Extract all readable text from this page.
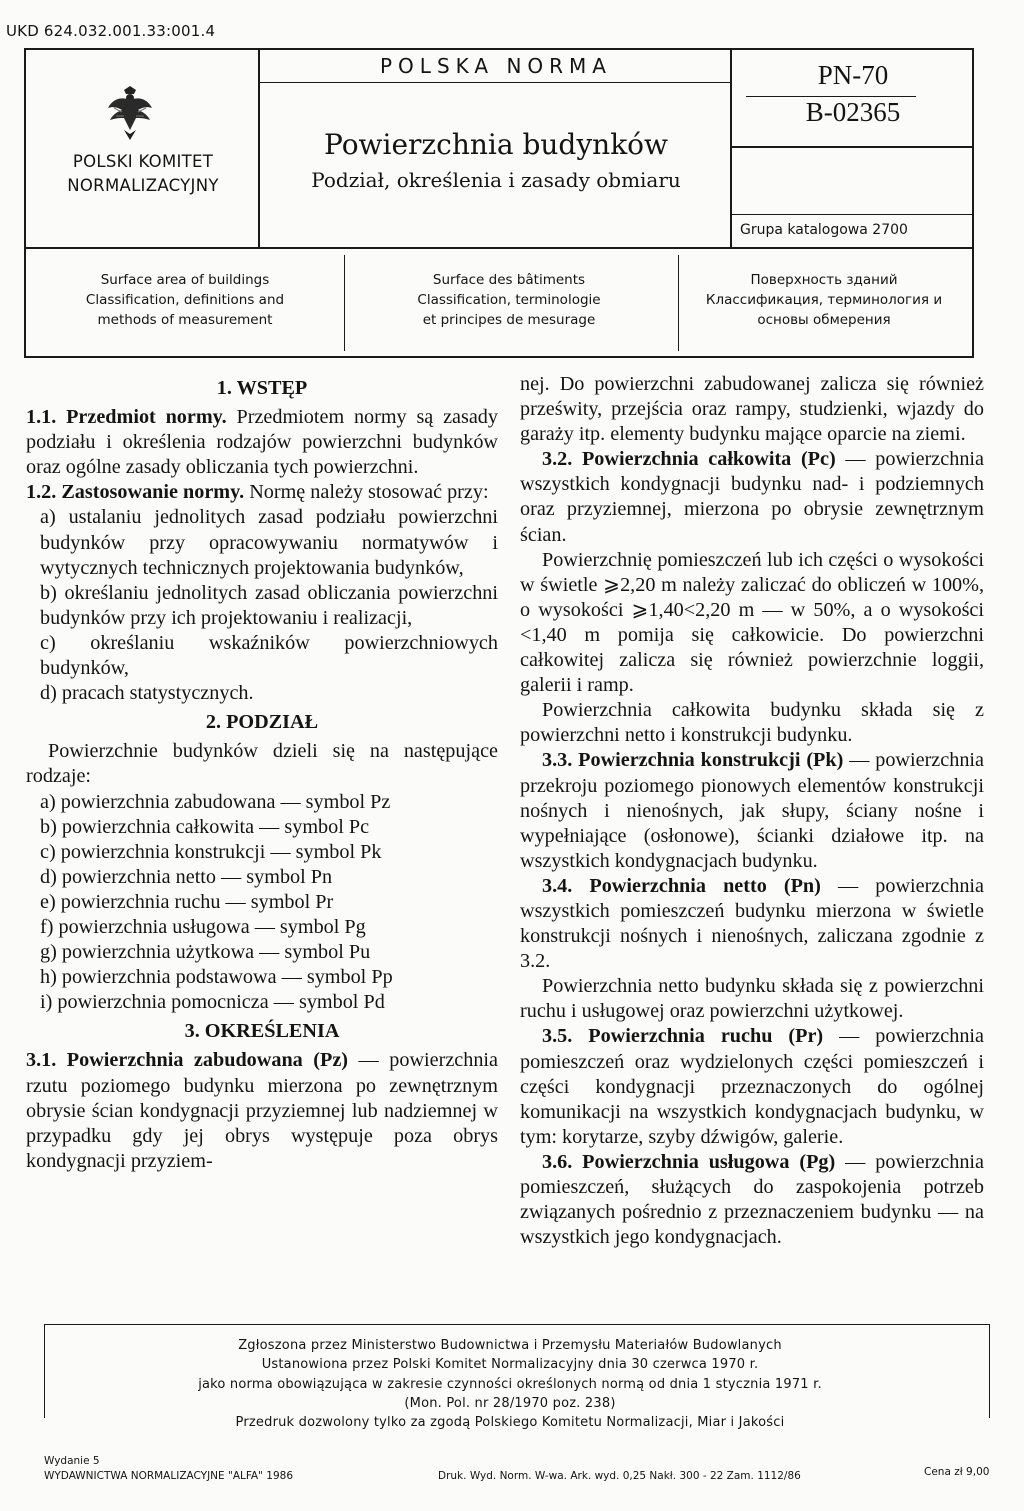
UKD 624.032.001.33:001.4
POLSKI KOMITET NORMALIZACYJNY
POLSKA NORMA
Powierzchnia budynków
Podział, określenia i zasady obmiaru
PN-70
B-02365
Grupa katalogowa 2700
Surface area of buildings
Classification, definitions and
methods of measurement
Surface des bâtiments
Classification, terminologie
et principes de mesurage
Поверхность зданий
Классификация, терминология и
основы обмерения

1. WSTĘP

1.1. Przedmiot normy. Przedmiotem normy są zasady podziału i określenia rodzajów powierzchni budynków oraz ogólne zasady obliczania tych powierzchni.

1.2. Zastosowanie normy. Normę należy stosować przy:

a) ustalaniu jednolitych zasad podziału powierzchni budynków przy opracowywaniu normatywów i wytycznych technicznych projektowania budynków,

b) określaniu jednolitych zasad obliczania powierzchni budynków przy ich projektowaniu i realizacji,

c) określaniu wskaźników powierzchniowych budynków,

d) pracach statystycznych.

2. PODZIAŁ

Powierzchnie budynków dzieli się na następujące rodzaje:

a) powierzchnia zabudowana — symbol Pz

b) powierzchnia całkowita — symbol Pc

c) powierzchnia konstrukcji — symbol Pk

d) powierzchnia netto — symbol Pn

e) powierzchnia ruchu — symbol Pr

f) powierzchnia usługowa — symbol Pg

g) powierzchnia użytkowa — symbol Pu

h) powierzchnia podstawowa — symbol Pp

i) powierzchnia pomocnicza — symbol Pd

3. OKREŚLENIA

3.1. Powierzchnia zabudowana (Pz) — powierzchnia rzutu poziomego budynku mierzona po zewnętrznym obrysie ścian kondygnacji przyziemnej lub nadziemnej w przypadku gdy jej obrys występuje poza obrys kondygnacji przyziem-

nej. Do powierzchni zabudowanej zalicza się również prześwity, przejścia oraz rampy, studzienki, wjazdy do garaży itp. elementy budynku mające oparcie na ziemi.

3.2. Powierzchnia całkowita (Pc) — powierzchnia wszystkich kondygnacji budynku nad- i podziemnych oraz przyziemnej, mierzona po obrysie zewnętrznym ścian.

Powierzchnię pomieszczeń lub ich części o wysokości w świetle ⩾2,20 m należy zaliczać do obliczeń w 100%, o wysokości ⩾1,40<2,20 m — w 50%, a o wysokości <1,40 m pomija się całkowicie. Do powierzchni całkowitej zalicza się również powierzchnie loggii, galerii i ramp.

Powierzchnia całkowita budynku składa się z powierzchni netto i konstrukcji budynku.

3.3. Powierzchnia konstrukcji (Pk) — powierzchnia przekroju poziomego pionowych elementów konstrukcji nośnych i nienośnych, jak słupy, ściany nośne i wypełniające (osłonowe), ścianki działowe itp. na wszystkich kondygnacjach budynku.

3.4. Powierzchnia netto (Pn) — powierzchnia wszystkich pomieszczeń budynku mierzona w świetle konstrukcji nośnych i nienośnych, zaliczana zgodnie z 3.2.

Powierzchnia netto budynku składa się z powierzchni ruchu i usługowej oraz powierzchni użytkowej.

3.5. Powierzchnia ruchu (Pr) — powierzchnia pomieszczeń oraz wydzielonych części pomieszczeń i części kondygnacji przeznaczonych do ogólnej komunikacji na wszystkich kondygnacjach budynku, w tym: korytarze, szyby dźwigów, galerie.

3.6. Powierzchnia usługowa (Pg) — powierzchnia pomieszczeń, służących do zaspokojenia potrzeb związanych pośrednio z przeznaczeniem budynku — na wszystkich jego kondygnacjach.

Zgłoszona przez Ministerstwo Budownictwa i Przemysłu Materiałów Budowlanych
Ustanowiona przez Polski Komitet Normalizacyjny dnia 30 czerwca 1970 r.
jako norma obowiązująca w zakresie czynności określonych normą od dnia 1 stycznia 1971 r.
(Mon. Pol. nr 28/1970 poz. 238)
Przedruk dozwolony tylko za zgodą Polskiego Komitetu Normalizacji, Miar i Jakości
Wydanie 5
WYDAWNICTWA NORMALIZACYJNE "ALFA" 1986	Druk. Wyd. Norm. W-wa. Ark. wyd. 0,25 Nakł. 300 - 22 Zam. 1112/86	Cena zł 9,00
